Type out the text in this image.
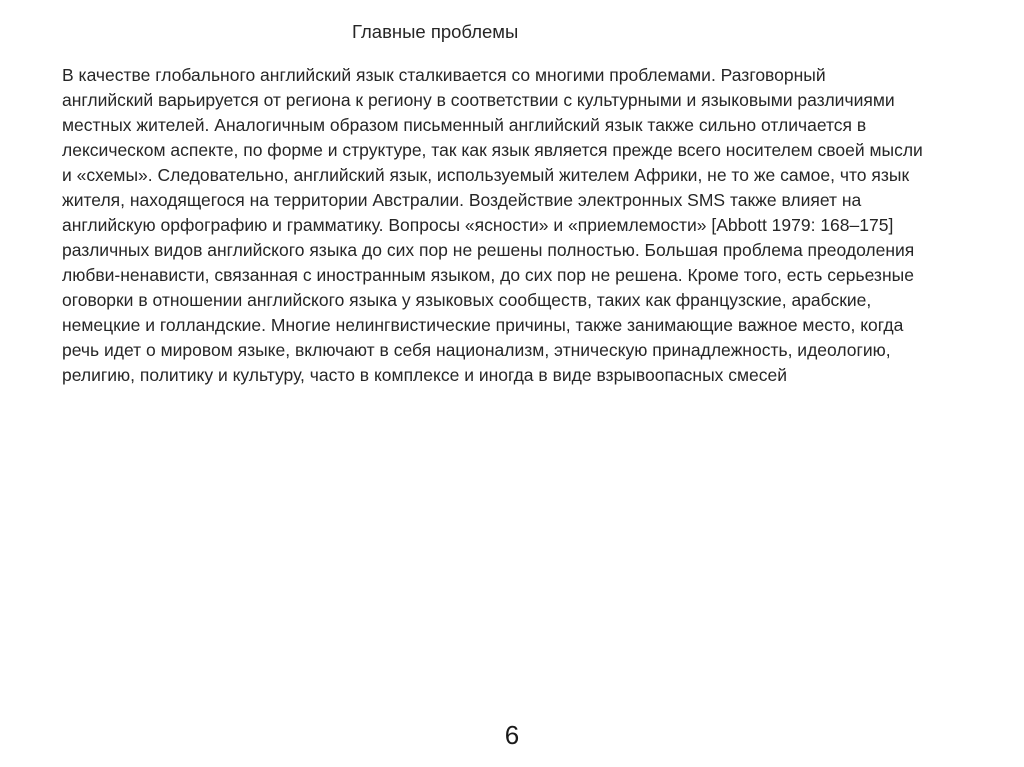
Главные проблемы
В качестве глобального английский язык сталкивается со многими проблемами. Разговорный
английский варьируется от региона к региону в соответствии с культурными и языковыми различиями
местных жителей. Аналогичным образом письменный английский язык также сильно отличается в
лексическом аспекте, по форме и структуре, так как язык является прежде всего носителем своей мысли
и «схемы». Следовательно, английский язык, используемый жителем Африки, не то же самое, что язык
жителя, находящегося на территории Австралии. Воздействие электронных SMS также влияет на
английскую орфографию и грамматику. Вопросы «ясности» и «приемлемости» [Abbott 1979: 168–175]
различных видов английского языка до сих пор не решены полностью. Большая проблема преодоления
любви-ненависти, связанная с иностранным языком, до сих пор не решена. Кроме того, есть серьезные
оговорки в отношении английского языка у языковых сообществ, таких как французские, арабские,
немецкие и голландские. Многие нелингвистические причины, также занимающие важное место, когда
речь идет о мировом языке, включают в себя национализм, этническую принадлежность, идеологию,
религию, политику и культуру, часто в комплексе и иногда в виде взрывоопасных смесей
6
